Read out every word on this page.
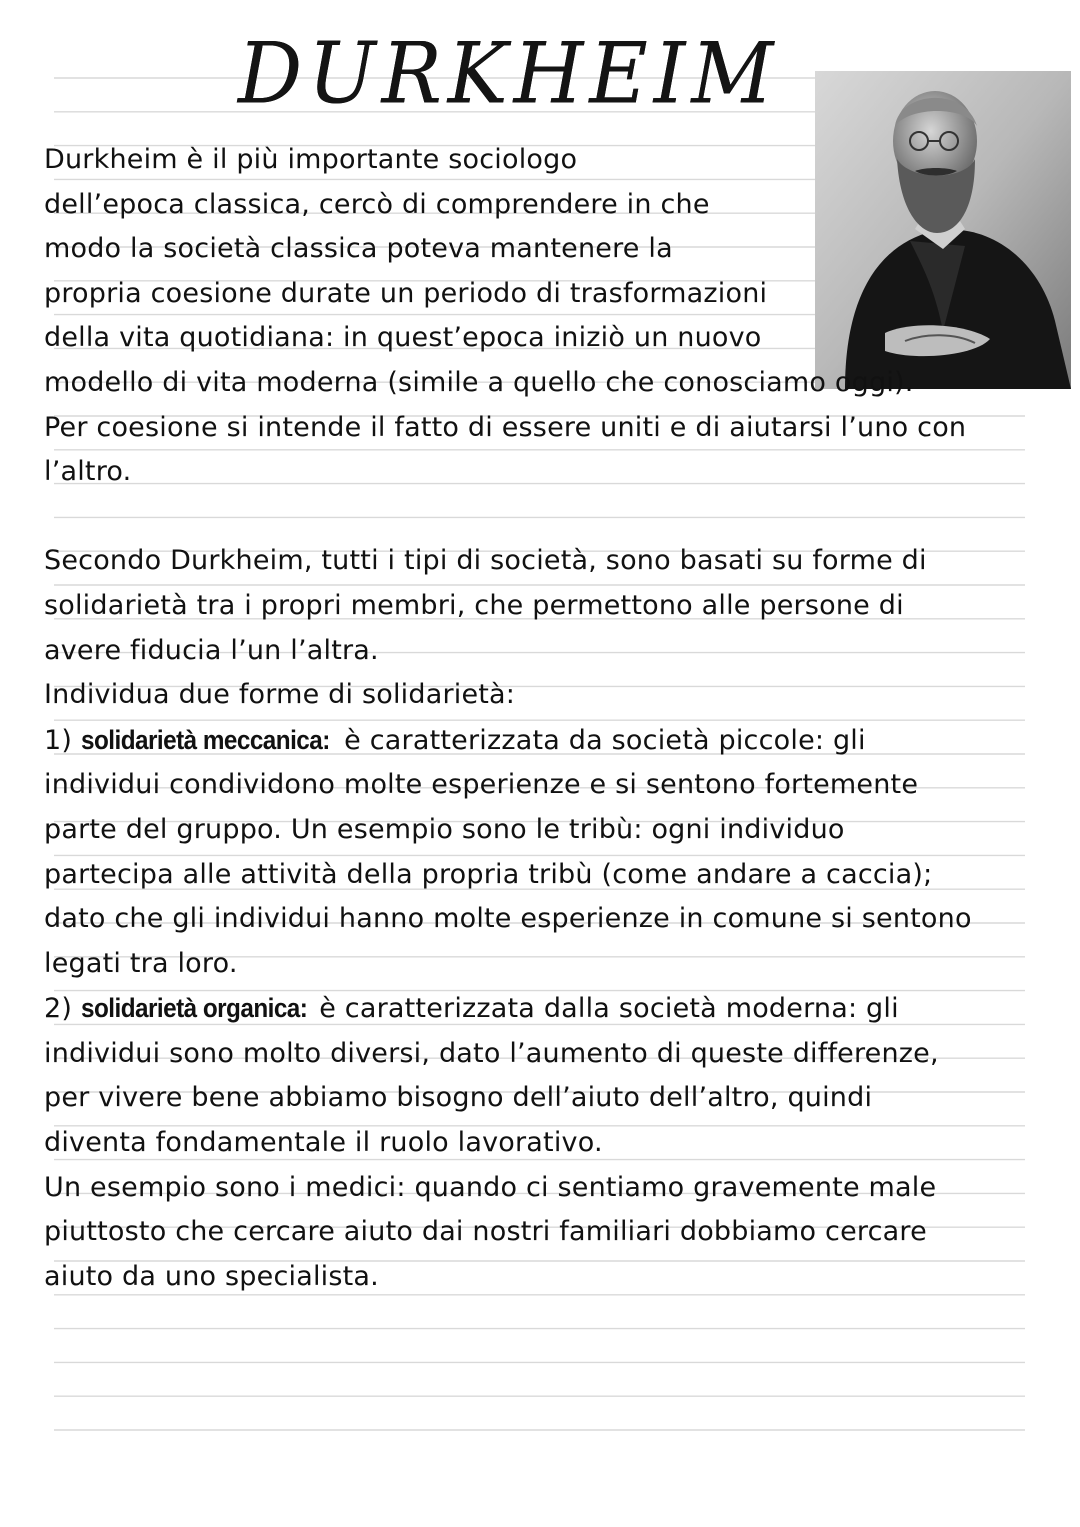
DURKHEIM
Durkheim è il più importante sociologo
dell’epoca classica, cercò di comprendere in che
modo la società classica poteva mantenere la
propria coesione durate un periodo di trasformazioni
della vita quotidiana: in quest’epoca iniziò un nuovo
modello di vita moderna (simile a quello che conosciamo oggi).
Per coesione si intende il fatto di essere uniti e di aiutarsi l’uno con
l’altro.
Secondo Durkheim, tutti i tipi di società, sono basati su forme di
solidarietà tra i propri membri, che permettono alle persone di
avere fiducia l’un l’altra.
Individua due forme di solidarietà:
1) solidarietà meccanica: è caratterizzata da società piccole: gli
individui condividono molte esperienze e si sentono fortemente
parte del gruppo. Un esempio sono le tribù: ogni individuo
partecipa alle attività della propria tribù (come andare a caccia);
dato che gli individui hanno molte esperienze in comune si sentono
legati tra loro.
2) solidarietà organica: è caratterizzata dalla società moderna: gli
individui sono molto diversi, dato l’aumento di queste differenze,
per vivere bene abbiamo bisogno dell’aiuto dell’altro, quindi
diventa fondamentale il ruolo lavorativo.
Un esempio sono i medici: quando ci sentiamo gravemente male
piuttosto che cercare aiuto dai nostri familiari dobbiamo cercare
aiuto da uno specialista.
